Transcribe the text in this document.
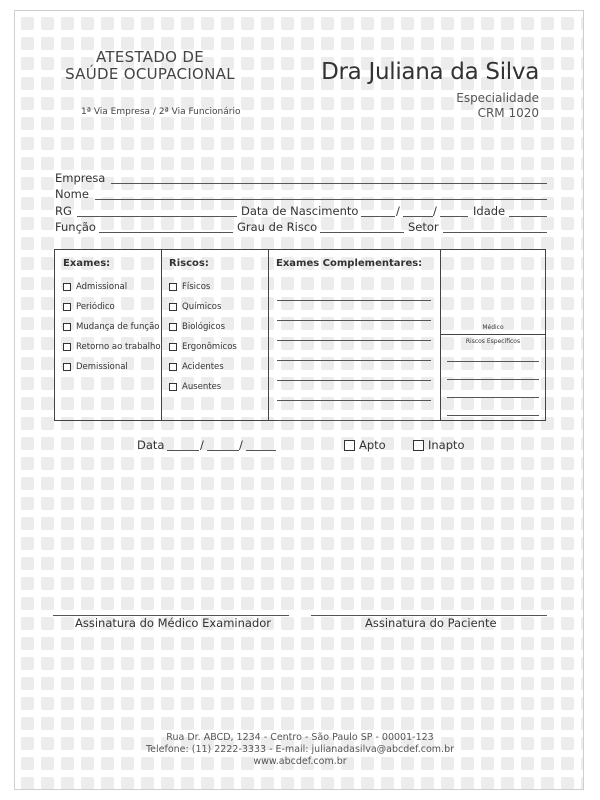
ATESTADO DE
SAÚDE OCUPACIONAL
1ª Via Empresa / 2ª Via Funcionário
Dra Juliana da Silva
Especialidade
CRM 1020
Empresa
Nome
RG	Data de Nascimento	/	/	Idade
Função	Grau de Risco	Setor
Exames:
Admissional
Periódico
Mudança de função
Retorno ao trabalho
Demissional
Riscos:
Físicos
Químicos
Biológicos
Ergonômicos
Acidentes
Ausentes
Exames Complementares:
Médico
Riscos Específicos
Data	/	/	Apto	Inapto
Assinatura do Médico Examinador	Assinatura do Paciente
Rua Dr. ABCD, 1234 - Centro - São Paulo SP - 00001-123
Telefone: (11) 2222-3333 - E-mail: julianadasilva@abcdef.com.br
www.abcdef.com.br
